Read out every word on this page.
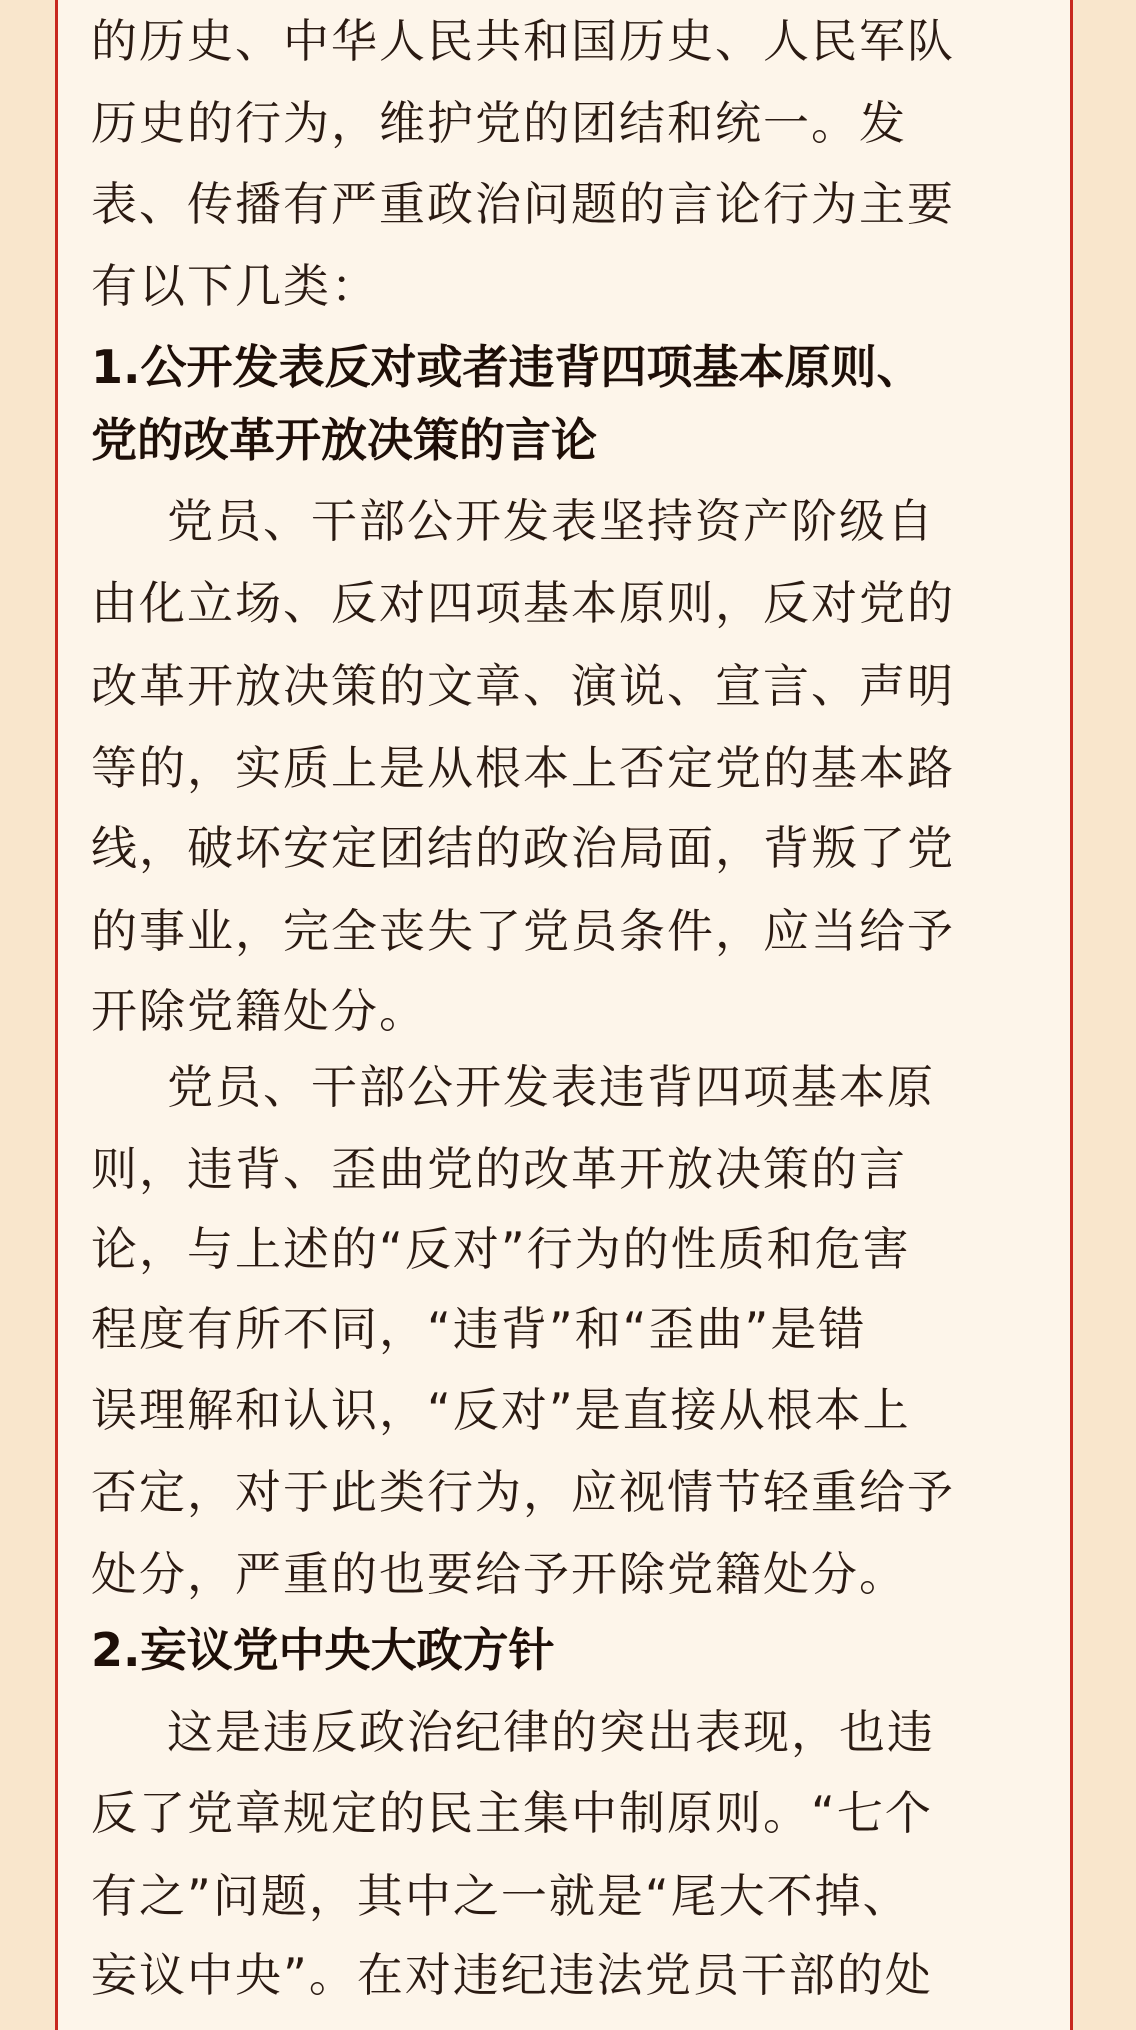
的历史、中华人民共和国历史、人民军队
历史的行为，维护党的团结和统一。发
表、传播有严重政治问题的言论行为主要
有以下几类：
1.公开发表反对或者违背四项基本原则、
党的改革开放决策的言论
党员、干部公开发表坚持资产阶级自
由化立场、反对四项基本原则，反对党的
改革开放决策的文章、演说、宣言、声明
等的，实质上是从根本上否定党的基本路
线，破坏安定团结的政治局面，背叛了党
的事业，完全丧失了党员条件，应当给予
开除党籍处分。
党员、干部公开发表违背四项基本原
则，违背、歪曲党的改革开放决策的言
论，与上述的“反对”行为的性质和危害
程度有所不同，“违背”和“歪曲”是错
误理解和认识，“反对”是直接从根本上
否定，对于此类行为，应视情节轻重给予
处分，严重的也要给予开除党籍处分。
2.妄议党中央大政方针
这是违反政治纪律的突出表现，也违
反了党章规定的民主集中制原则。“七个
有之”问题，其中之一就是“尾大不掉、
妄议中央”。在对违纪违法党员干部的处
